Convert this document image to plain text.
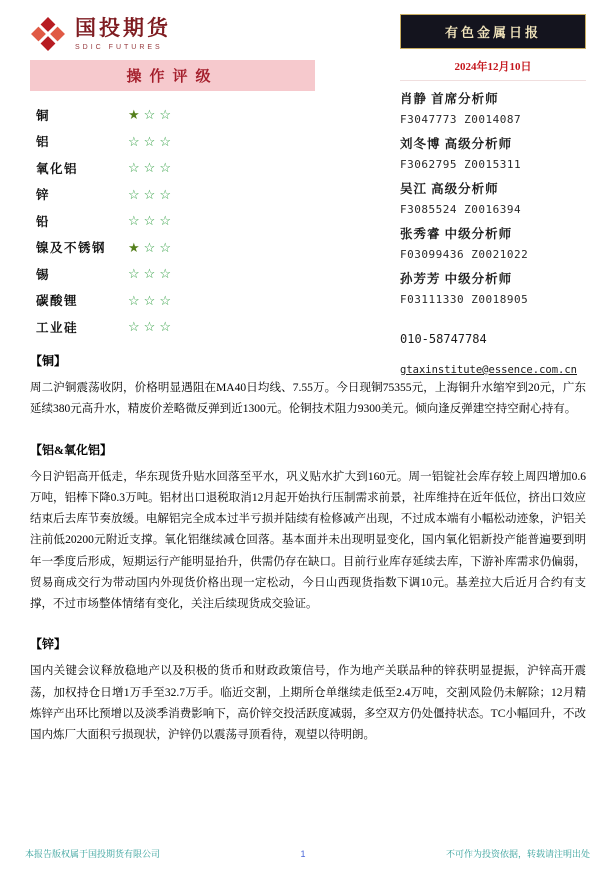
国投期货
SDIC FUTURES
有色金属日报
2024年12月10日
肖静 首席分析师
F3047773 Z0014087
刘冬博 高级分析师
F3062795 Z0015311
吴江 高级分析师
F3085524 Z0016394
张秀睿 中级分析师
F03099436 Z0021022
孙芳芳 中级分析师
F03111330 Z0018905
010-58747784
gtaxinstitute@essence.com.cn
操作评级
铜	★☆☆
铝	☆☆☆
氧化铝	☆☆☆
锌	☆☆☆
铅	☆☆☆
镍及不锈钢	★☆☆
锡	☆☆☆
碳酸锂	☆☆☆
工业硅	☆☆☆
【铜】
周二沪铜震荡收阴，价格明显遇阻在MA40日均线、7.55万。今日现铜75355元，上海铜升水缩窄到20元，广东延续380元高升水，精废价差略微反弹到近1300元。伦铜技术阻力9300美元。倾向逢反弹建空持空耐心持有。
【铝&氧化铝】
今日沪铝高开低走，华东现货升贴水回落至平水，巩义贴水扩大到160元。周一铝锭社会库存较上周四增加0.6万吨，铝棒下降0.3万吨。铝材出口退税取消12月起开始执行压制需求前景，社库维持在近年低位，挤出口效应结束后去库节奏放缓。电解铝完全成本过半亏损并陆续有检修减产出现，不过成本端有小幅松动迹象，沪铝关注前低20200元附近支撑。氧化铝继续减仓回落。基本面并未出现明显变化，国内氧化铝新投产能普遍要到明年一季度后形成，短期运行产能明显抬升，供需仍存在缺口。目前行业库存延续去库，下游补库需求仍偏弱，贸易商成交行为带动国内外现货价格出现一定松动，今日山西现货指数下调10元。基差拉大后近月合约有支撑，不过市场整体情绪有变化，关注后续现货成交验证。
【锌】
国内关键会议释放稳地产以及积极的货币和财政政策信号，作为地产关联品种的锌获明显提振，沪锌高开震荡，加权持仓日增1万手至32.7万手。临近交割，上期所仓单继续走低至2.4万吨，交割风险仍未解除；12月精炼锌产出环比预增以及淡季消费影响下，高价锌交投活跃度减弱，多空双方仍处僵持状态。TC小幅回升，不改国内炼厂大面积亏损现状，沪锌仍以震荡寻顶看待，观望以待明朗。
本报告版权属于国投期货有限公司	1	不可作为投资依据，转载请注明出处
